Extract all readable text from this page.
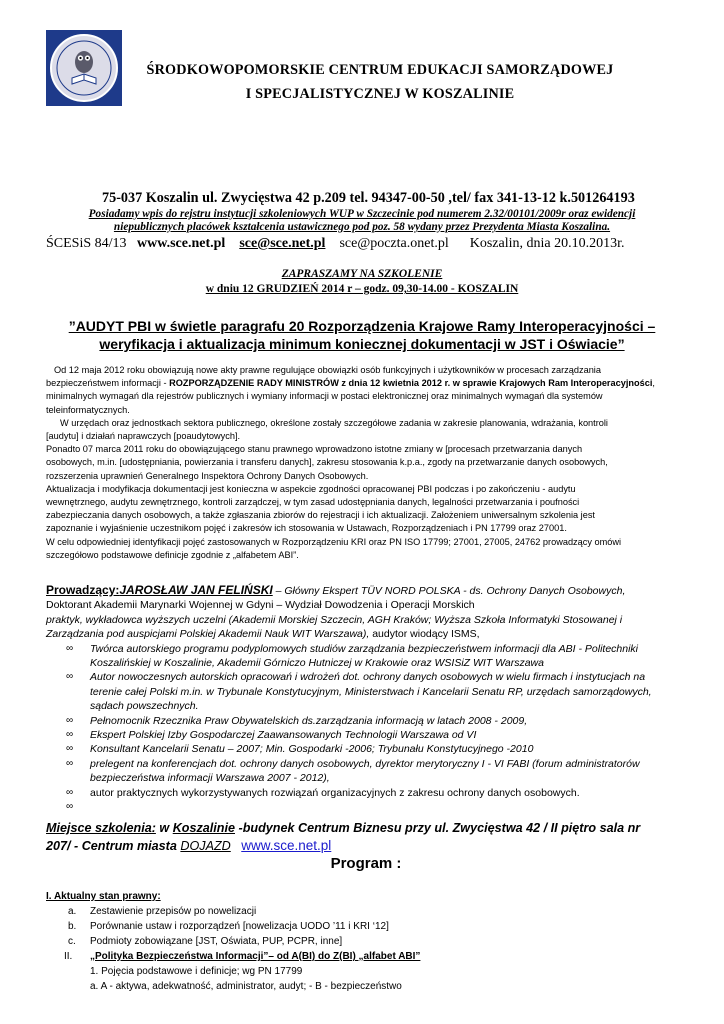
ŚRODKOWOPOMORSKIE CENTRUM EDUKACJI SAMORZĄDOWEJ
I SPECJALISTYCZNEJ W KOSZALINIE
75-037 Koszalin ul. Zwycięstwa 42 p.209 tel. 94347-00-50 ,tel/ fax 341-13-12 k.501264193
Posiadamy wpis do rejstru instytucji szkoleniowych WUP w Szczecinie pod numerem 2.32/00101/2009r oraz ewidencji
niepublicznych placówek kształcenia ustawicznego pod poz. 58 wydany przez Prezydenta Miasta Koszalina.
ŚCESiS 84/13 www.sce.net.pl sce@sce.net.pl sce@poczta.onet.pl Koszalin, dnia 20.10.2013r.
ZAPRASZAMY NA SZKOLENIE
w dniu 12 GRUDZIEŃ 2014 r – godz. 09,30-14.00 - KOSZALIN
”AUDYT PBI w świetle paragrafu 20 Rozporządzenia Krajowe Ramy Interoperacyjności –
weryfikacja i aktualizacja minimum koniecznej dokumentacji w JST i Oświacie”

Od 12 maja 2012 roku obowiązują nowe akty prawne regulujące obowiązki osób funkcyjnych i użytkowników w procesach zarządzania

bezpieczeństwem informacji - ROZPORZĄDZENIE RADY MINISTRÓW z dnia 12 kwietnia 2012 r. w sprawie Krajowych Ram Interoperacyjności,

minimalnych wymagań dla rejestrów publicznych i wymiany informacji w postaci elektronicznej oraz minimalnych wymagań dla systemów

teleinformatycznych.

W urzędach oraz jednostkach sektora publicznego, określone zostały szczegółowe zadania w zakresie planowania, wdrażania, kontroli

[audytu] i działań naprawczych [poaudytowych].

Ponadto 07 marca 2011 roku do obowiązującego stanu prawnego wprowadzono istotne zmiany w [procesach przetwarzania danych

osobowych, m.in. [udostępniania, powierzania i transferu danych], zakresu stosowania k.p.a., zgody na przetwarzanie danych osobowych,

rozszerzenia uprawnień Generalnego Inspektora Ochrony Danych Osobowych.

Aktualizacja i modyfikacja dokumentacji jest konieczna w aspekcie zgodności opracowanej PBI podczas i po zakończeniu - audytu

wewnętrznego, audytu zewnętrznego, kontroli zarządczej, w tym zasad udostępniania danych, legalności przetwarzania i poufności

zabezpieczania danych osobowych, a także zgłaszania zbiorów do rejestracji i ich aktualizacji. Założeniem uniwersalnym szkolenia jest

zapoznanie i wyjaśnienie uczestnikom pojęć i zakresów ich stosowania w Ustawach, Rozporządzeniach i PN 17799 oraz 27001.

W celu odpowiedniej identyfikacji pojęć zastosowanych w Rozporządzeniu KRI oraz PN ISO 17799; 27001, 27005, 24762 prowadzący omówi

szczegółowo podstawowe definicje zgodnie z „alfabetem ABI”.

Prowadzący:JAROSŁAW JAN FELIŃSKI – Główny Ekspert TÜV NORD POLSKA - ds. Ochrony Danych Osobowych,
Doktorant Akademii Marynarki Wojennej w Gdyni – Wydział Dowodzenia i Operacji Morskich
praktyk, wykładowca wyższych uczelni (Akademii Morskiej Szczecin, AGH Kraków; Wyższa Szkoła Informatyki Stosowanej i
Zarządzania pod auspicjami Polskiej Akademii Nauk WIT Warszawa), audytor wiodący ISMS,
∞ Twórca autorskiego programu podyplomowych studiów zarządzania bezpieczeństwem informacji dla ABI - Politechniki
Koszalińskiej w Koszalinie, Akademii Górniczo Hutniczej w Krakowie oraz WSISiZ WIT Warszawa
∞ Autor nowoczesnych autorskich opracowań i wdrożeń dot. ochrony danych osobowych w wielu firmach i instytucjach na
terenie całej Polski m.in. w Trybunale Konstytucyjnym, Ministerstwach i Kancelarii Senatu RP, urzędach samorządowych,
sądach powszechnych.
∞ Pełnomocnik Rzecznika Praw Obywatelskich ds.zarządzania informacją w latach 2008 - 2009,
∞ Ekspert Polskiej Izby Gospodarczej Zaawansowanych Technologii Warszawa od VI
∞ Konsultant Kancelarii Senatu – 2007; Min. Gospodarki -2006; Trybunału Konstytucyjnego -2010
∞ prelegent na konferencjach dot. ochrony danych osobowych, dyrektor merytoryczny I - VI FABI (forum administratorów
bezpieczeństwa informacji Warszawa 2007 - 2012),
∞ autor praktycznych wykorzystywanych rozwiązań organizacyjnych z zakresu ochrony danych osobowych.
∞
Miejsce szkolenia: w Koszalinie -budynek Centrum Biznesu przy ul. Zwycięstwa 42 / II piętro sala nr
207/ - Centrum miasta DOJAZD www.sce.net.pl
Program :
I. Aktualny stan prawny:
a. Zestawienie przepisów po nowelizacji
b. Porównanie ustaw i rozporządzeń [nowelizacja UODO ’11 i KRI ‘12]
c. Podmioty zobowiązane [JST, Oświata, PUP, PCPR, inne]
II. „Polityka Bezpieczeństwa Informacji”– od A(BI) do Z(BI) „alfabet ABI”
1. Pojęcia podstawowe i definicje; wg PN 17799
a. A - aktywa, adekwatność, administrator, audyt; - B - bezpieczeństwo
